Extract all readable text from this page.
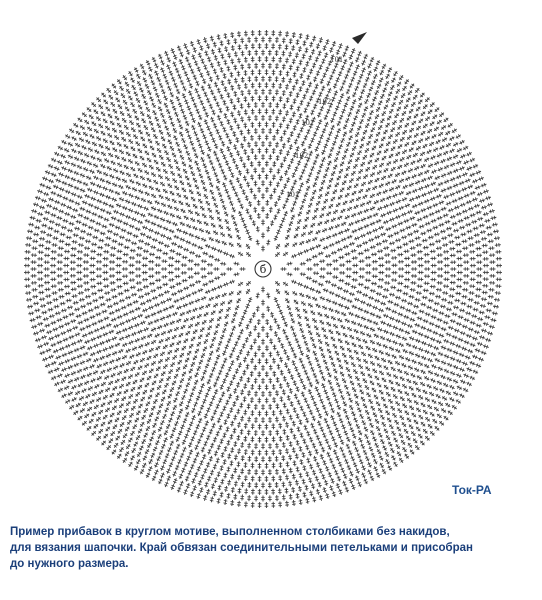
101
102
101
102
101
б
Ток-РА
Пример прибавок в круглом мотиве, выполненном столбиками без накидов,
для вязания шапочки. Край обвязан соединительными петельками и присобран
до нужного размера.
